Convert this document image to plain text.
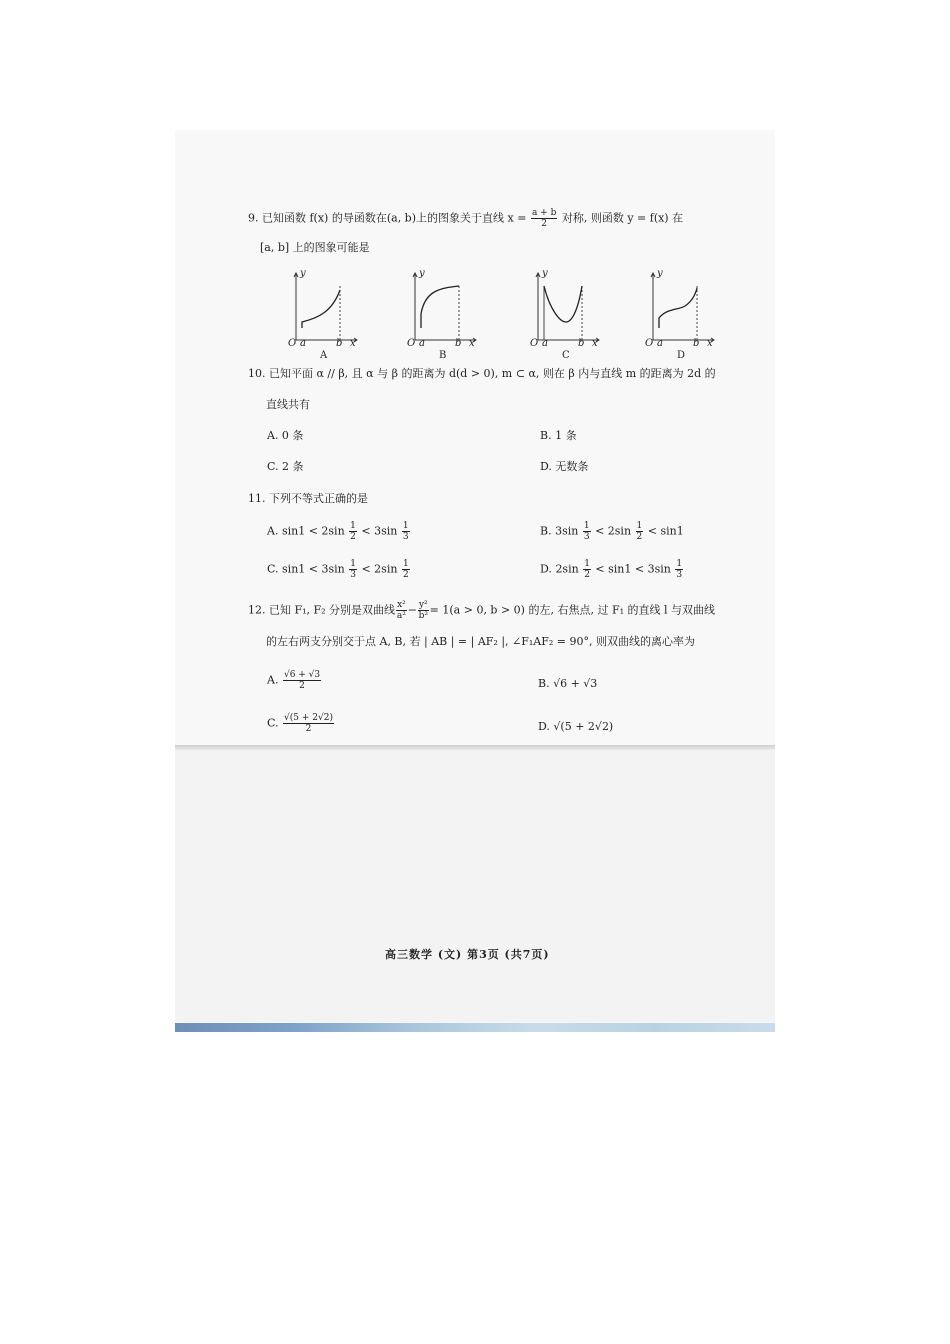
9. 已知函数 f(x) 的导函数在(a, b)上的图象关于直线 $x = \frac{a + b}{2}$ 对称, 则函数 y = f(x) 在
[a, b] 上的图象可能是
y
O a	b x
A
y
O a	b x
B
y
O a	b x
C
y
O a	b x
D
10. 已知平面 α // β, 且 α 与 β 的距离为 d(d > 0), m ⊂ α, 则在 β 内与直线 m 的距离为 2d 的
直线共有
A. 0 条	B. 1 条
C. 2 条	D. 无数条
11. 下列不等式正确的是
A. $\sin 1 < 2\sin \frac{1}{2} < 3\sin \frac{1}{3}$	B. $3\sin \frac{1}{3} < 2\sin \frac{1}{2} < \sin 1$
C. $\sin 1 < 3\sin \frac{1}{3} < 2\sin \frac{1}{2}$	D. $2\sin \frac{1}{2} < \sin 1 < 3\sin \frac{1}{3}$
12. 已知 F₁, F₂ 分别是双曲线 $\frac{\text{x²}}{\text{a²}} - \frac{\text{y²}}{\text{b²}} = 1(a > 0$, b > 0) 的左, 右焦点, 过 F₁ 的直线 l 与双曲线
的左右两支分别交于点 A, B, 若 | AB | = | AF₂ |, ∠F₁AF₂ = 90°, 则双曲线的离心率为
A. $\frac{√6 + √3}{2}$	B. √6 + √3
C. $\frac{√(5 + 2√2)}{2}$	D. √(5 + 2√2)
高三数学 (文) 第3页 (共7页)
